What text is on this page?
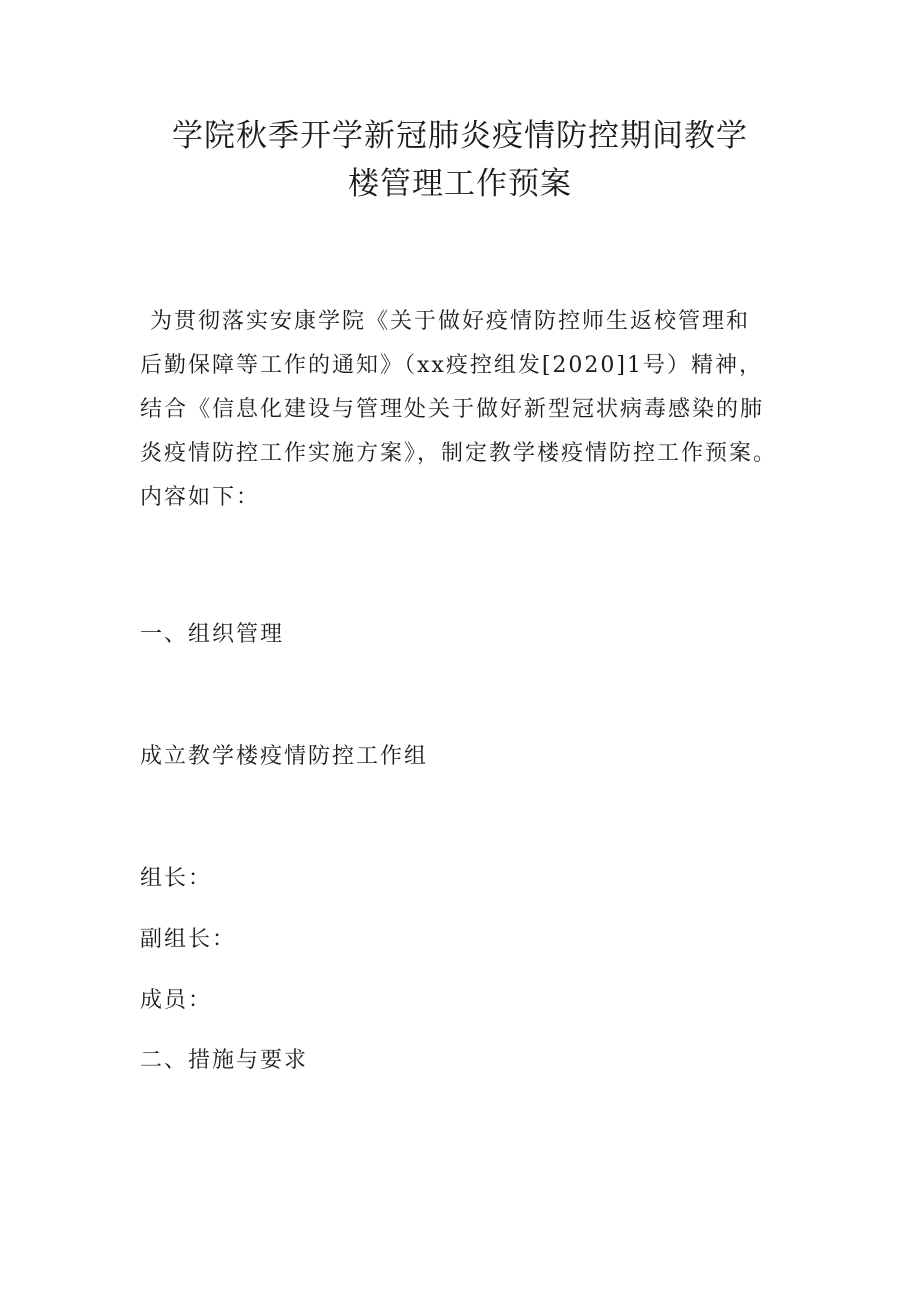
学院秋季开学新冠肺炎疫情防控期间教学
楼管理工作预案

为贯彻落实安康学院《关于做好疫情防控师生返校管理和
后勤保障等工作的通知》（xx疫控组发[2020]1号）精神，
结合《信息化建设与管理处关于做好新型冠状病毒感染的肺
炎疫情防控工作实施方案》，制定教学楼疫情防控工作预案。
内容如下：

一、组织管理

成立教学楼疫情防控工作组

组长：

副组长：

成员：

二、措施与要求
